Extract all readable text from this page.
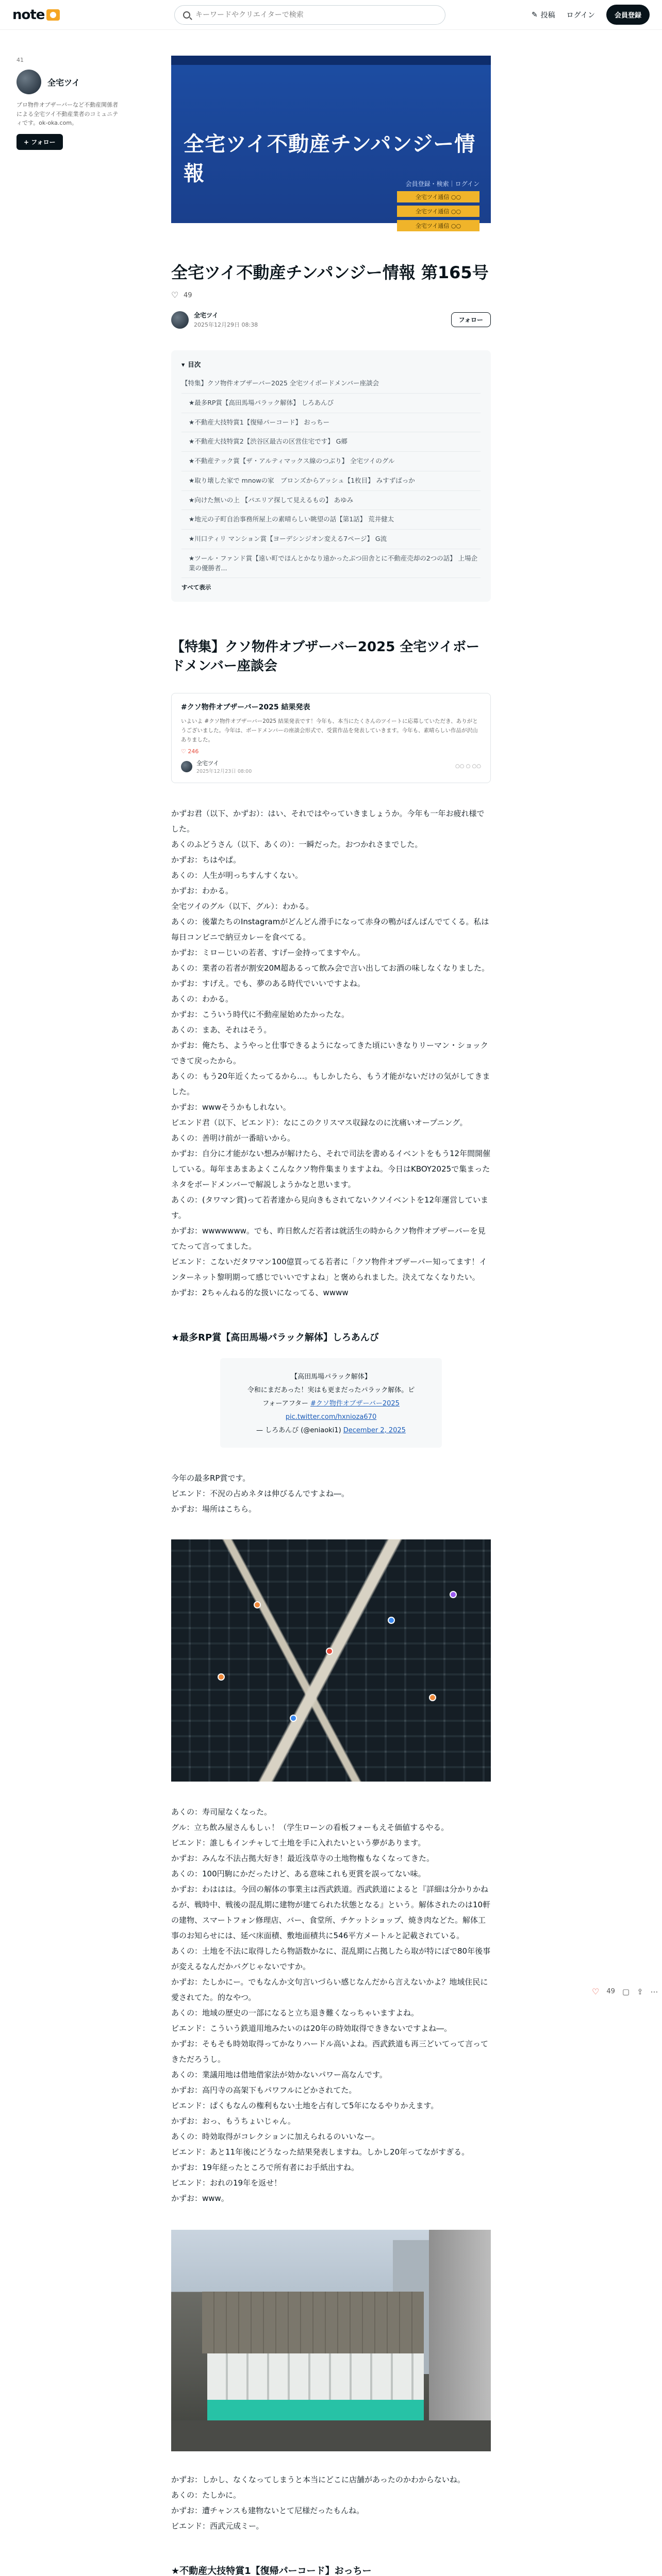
note
キーワードやクリエイターで検索	✎ 投稿 ログイン	会員登録
41
全宅ツイ
プロ物件オブザーバーなど不動産関係者による全宅ツイ不動産業者のコミュニティです。ok-oka.com。
+ フォロー	全宅ツイ不動産チンパンジー情報	会員登録・検索｜ログイン
全宅ツイ通信 ○○
全宅ツイ通信 ○○
全宅ツイ通信 ○○
全宅ツイ不動産チンパンジー情報 第165号
♡ 49
全宅ツイ
2025年12月29日 08:38
フォロー
▾ 目次
【特集】クソ物件オブザーバー2025 全宅ツイボードメンバー座談会
★最多RP賞【高田馬場パラック解体】 しろあんび
★不動産大技特賞1【復帰パーコード】 おっちー
★不動産大技特賞2【渋谷区最古の区営住宅です】 G郷
★不動産テック賞【ザ・アルティマックス線のつぶり】 全宅ツイのグル
★取り壊した家で mnowの家　ブロンズからアッシュ【1枚目】 みすずばっか
★向けた無いの上 【パエリア探して見えるもの】 あゆみ
★地元の子町自治事務所屋上の素晴らしい眺望の話【第1話】 荒井健太
★川口ティリ マンション賞【ヨーデシンジオン変える7ページ】 G流
★ツール・ファンド賞【遠い町でほんとかなり遠かったぶつ田舎とに不動産売却の2つの話】 上場企業の優勝者...
すべて表示
【特集】クソ物件オブザーバー2025 全宅ツイボードメンバー座談会
#クソ物件オブザーバー2025 結果発表
いよいよ #クソ物件オブザーバー2025 結果発表です！今年も、本当にたくさんのツイートに応募していただき、ありがとうございました。今年は、ボードメンバーの座談会形式で、受賞作品を発表していきます。今年も、素晴らしい作品が沢山ありました。
♡ 246
全宅ツイ
2025年12月23日 08:00
○○ ○ ○○

かずお君（以下、かずお）：はい、それではやっていきましょうか。今年も一年お疲れ様でした。

あくのふどうさん（以下、あくの）：一瞬だった。おつかれさまでした。

かずお：ちはやぱ。

あくの：人生が明っちすんすくない。

かずお：わかる。

全宅ツイのグル（以下、グル）：わかる。

あくの：後輩たちのInstagramがどんどん滑手になって赤身の鴨がばんばんでてくる。私は毎日コンビニで納豆カレーを食べてる。

かずお：ミローじいの若者、すげー金持ってますやん。

あくの：業者の若者が割安20M超あるって飲み会で言い出してお酒の味しなくなりました。

かずお：すげえ。でも、夢のある時代でいいですよね。

あくの：わかる。

かずお：こういう時代に不動産屋始めたかったな。

あくの：まあ、それはそう。

かずお：俺たち、ようやっと仕事できるようになってきた頃にいきなりリーマン・ショックできて戻ったから。

あくの：もう20年近くたってるから...。もしかしたら、もう才能がないだけの気がしてきました。

かずお：wwwそうかもしれない。

ビエンド君（以下、ビエンド）：なにこのクリスマス収録なのに沈痛いオープニング。

あくの：善明け前が一番暗いから。

かずお：自分に才能がない想みが解けたら、それで司法を書めるイベントをもう12年間開催している。毎年まあまあよくこんなクソ物件集まりますよね。今日はKBOY2025で集まったネタをボードメンバーで解説しようかなと思います。

あくの：(タワマン賞)って若者達から見向きもされてないクソイベントを12年運営しています。

かずお：wwwwwww。でも、昨日飲んだ若者は就活生の時からクソ物件オブザーバーを見てたって言ってました。

ビエンド：こないだタワマン100億買ってる若者に「クソ物件オブザーバー知ってます！インターネット黎明期って感じでいいですよね」と褒められました。決えてなくなりたい。

かずお：2ちゃんねる的な扱いになってる、wwww

★最多RP賞【高田馬場パラック解体】しろあんび
【高田馬場パラック解体】
令和にまだあった！実はも更まだったパラック解体。ピ
フォーアフター #クソ物件オブザーバー2025
pic.twitter.com/hxnioza670
— しろあんび (@eniaoki1) December 2, 2025

今年の最多RP賞です。

ビエンド：不況の占めネタは伸びるんですよね―。

かずお：場所はこちら。

あくの：寿司屋なくなった。

グル：立ち飲み屋さんもしぃ！（学生ローンの看板フォーもえそ価値するやる。

ビエンド：誰しもインチャして土地を手に入れたいという夢があります。

かずお：みんな不法占拠大好き！最近浅草寺の土地物権もなくなってきた。

あくの：100円駒にかだったけど、ある意味これも更賞を誤ってない味。

かずお：わははは。今回の解体の事業主は西武鉄道。西武鉄道によると『詳細は分かりかねるが、戦時中、戦後の混乱期に建物が建てられた状態となる』という。解体されたのは10軒の建物、スマートフォン修理店、バー、食堂所、チケットショップ、焼き肉などた。解体工事のお知らせには、延べ床面積、敷地面積共に546平方メートルと記載されている。

あくの：土地を不法に取得したら物語数かなに、混乱期に占拠したら取が特にぼで80年後事が変えるなんだかバグじゃないですか。

かずお：たしかにー。でもなんか文句言いづらい感じなんだから言えないかよ？地域住民に愛されてた。的なやつ。

あくの：地域の歴史の一部になると立ち退き難くなっちゃいますよね。

ビエンド：こういう鉄道用地みたいのは20年の時効取得でききないですよね―。

かずお：そもそも時効取得ってかなりハードル高いよね。西武鉄道も再三どいてって言ってきただろうし。

あくの：業議用地は借地借家法が効かないパワー高なんです。

かずお：高円寺の高架下もパワフルにどかされてた。

ビエンド：ぱくもなんの権利もない土地を占有して5年になるやりかえます。

かずお：おっ、もうちょいじゃん。

あくの：時効取得がコレクションに加えられるのいいなー。

ビエンド：あと11年後にどうなった結果発表しますね。しかし20年ってながすぎる。

かずお：19年経ったところで所有者にお手紙出すね。

ビエンド：おれの19年を返せ！

かずお：www。

かずお：しかし、なくなってしまうと本当にどこに店舗があったのかわからないね。

あくの：たしかに。

かずお：遭チャンスも建物ないとて尼様だったもんね。

ビエンド：西武元成ミー。

★不動産大技特賞1【復帰パーコード】おっちー
♡ 49 ▢ ⇪ ⋯
